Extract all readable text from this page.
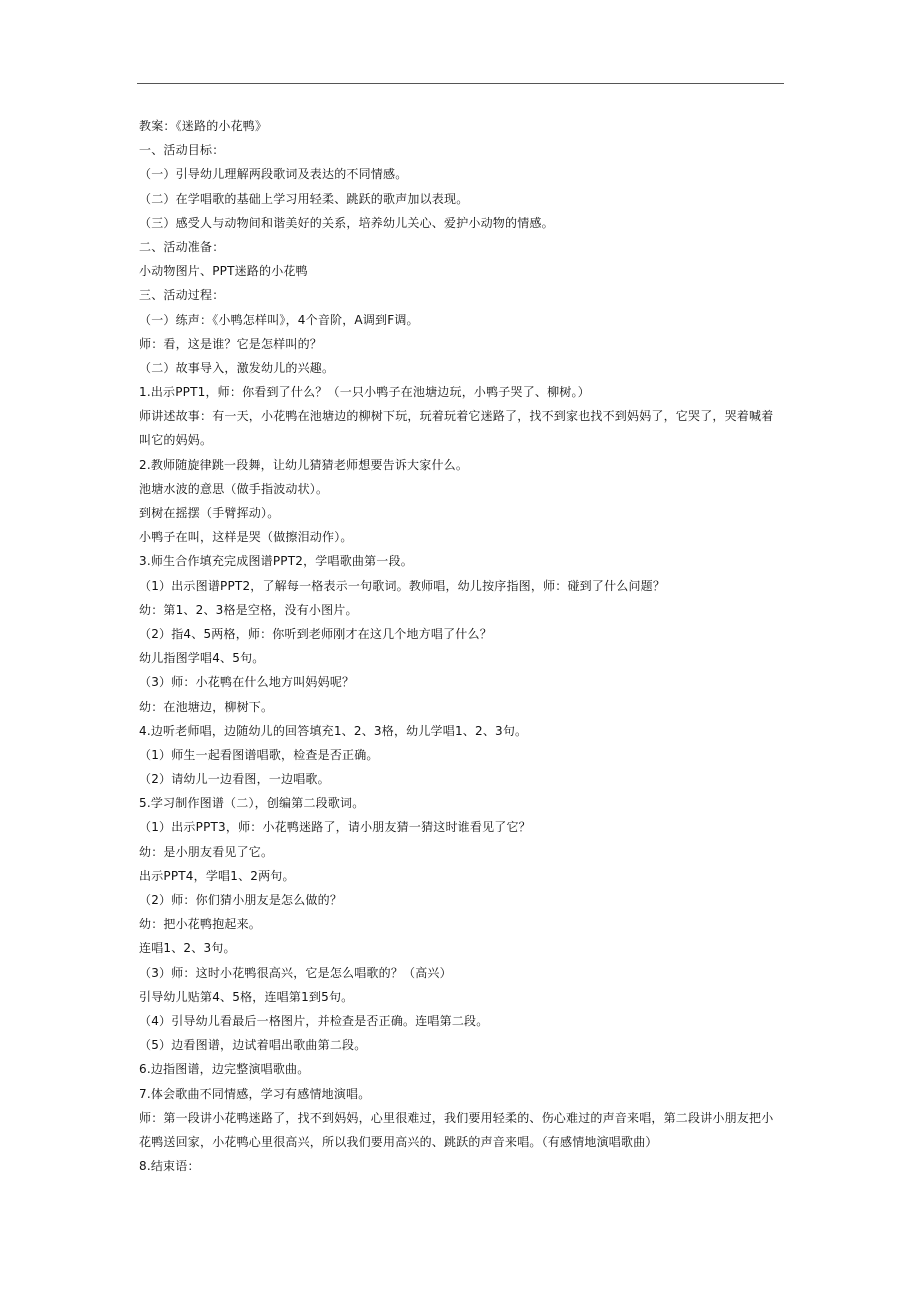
教案：《迷路的小花鸭》
一、活动目标：
（一）引导幼儿理解两段歌词及表达的不同情感。
（二）在学唱歌的基础上学习用轻柔、跳跃的歌声加以表现。
（三）感受人与动物间和谐美好的关系，培养幼儿关心、爱护小动物的情感。
二、活动准备：
小动物图片、PPT迷路的小花鸭
三、活动过程：
（一）练声：《小鸭怎样叫》，4个音阶，A调到F调。
师：看，这是谁？它是怎样叫的？
（二）故事导入，激发幼儿的兴趣。
1.出示PPT1，师：你看到了什么？（一只小鸭子在池塘边玩，小鸭子哭了、柳树。）
师讲述故事：有一天，小花鸭在池塘边的柳树下玩，玩着玩着它迷路了，找不到家也找不到妈妈了，它哭了，哭着喊着
叫它的妈妈。
2.教师随旋律跳一段舞，让幼儿猜猜老师想要告诉大家什么。
池塘水波的意思（做手指波动状）。
到树在摇摆（手臂挥动）。
小鸭子在叫，这样是哭（做擦泪动作）。
3.师生合作填充完成图谱PPT2，学唱歌曲第一段。
（1）出示图谱PPT2，了解每一格表示一句歌词。教师唱，幼儿按序指图，师：碰到了什么问题？
幼：第1、2、3格是空格，没有小图片。
（2）指4、5两格，师：你听到老师刚才在这几个地方唱了什么？
幼儿指图学唱4、5句。
（3）师：小花鸭在什么地方叫妈妈呢？
幼：在池塘边，柳树下。
4.边听老师唱，边随幼儿的回答填充1、2、3格，幼儿学唱1、2、3句。
（1）师生一起看图谱唱歌，检查是否正确。
（2）请幼儿一边看图，一边唱歌。
5.学习制作图谱（二），创编第二段歌词。
（1）出示PPT3，师：小花鸭迷路了，请小朋友猜一猜这时谁看见了它？
幼：是小朋友看见了它。
出示PPT4，学唱1、2两句。
（2）师：你们猜小朋友是怎么做的？
幼：把小花鸭抱起来。
连唱1、2、3句。
（3）师：这时小花鸭很高兴，它是怎么唱歌的？（高兴）
引导幼儿贴第4、5格，连唱第1到5句。
（4）引导幼儿看最后一格图片，并检查是否正确。连唱第二段。
（5）边看图谱，边试着唱出歌曲第二段。
6.边指图谱，边完整演唱歌曲。
7.体会歌曲不同情感，学习有感情地演唱。
师：第一段讲小花鸭迷路了，找不到妈妈，心里很难过，我们要用轻柔的、伤心难过的声音来唱，第二段讲小朋友把小
花鸭送回家，小花鸭心里很高兴，所以我们要用高兴的、跳跃的声音来唱。（有感情地演唱歌曲）
8.结束语：
